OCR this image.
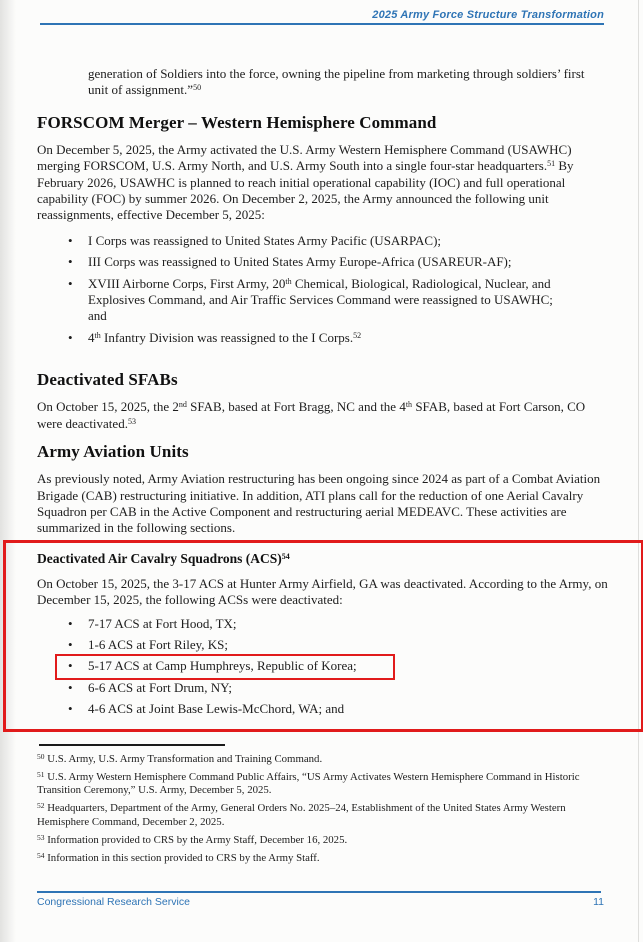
2025 Army Force Structure Transformation
generation of Soldiers into the force, owning the pipeline from marketing through soldiers’ first unit of assignment.”$^{50}$
FORSCOM Merger – Western Hemisphere Command

On December 5, 2025, the Army activated the U.S. Army Western Hemisphere Command (USAWHC) merging FORSCOM, U.S. Army North, and U.S. Army South into a single four-star headquarters.$^{51}$ By February 2026, USAWHC is planned to reach initial operational capability (IOC) and full operational capability (FOC) by summer 2026. On December 2, 2025, the Army announced the following unit reassignments, effective December 5, 2025:

• I Corps was reassigned to United States Army Pacific (USARPAC);
• III Corps was reassigned to United States Army Europe-Africa (USAREUR-AF);
• XVIII Airborne Corps, First Army, 20th Chemical, Biological, Radiological, Nuclear, and Explosives Command, and Air Traffic Services Command were reassigned to USAWHC; and
• 4th Infantry Division was reassigned to the I Corps.$^{52}$
Deactivated SFABs

On October 15, 2025, the 2nd SFAB, based at Fort Bragg, NC and the 4th SFAB, based at Fort Carson, CO were deactivated.$^{53}$

Army Aviation Units

As previously noted, Army Aviation restructuring has been ongoing since 2024 as part of a Combat Aviation Brigade (CAB) restructuring initiative. In addition, ATI plans call for the reduction of one Aerial Cavalry Squadron per CAB in the Active Component and restructuring aerial MEDEAVC. These activities are summarized in the following sections.

Deactivated Air Cavalry Squadrons (ACS)$^{54}$

On October 15, 2025, the 3-17 ACS at Hunter Army Airfield, GA was deactivated. According to the Army, on December 15, 2025, the following ACSs were deactivated:

• 7-17 ACS at Fort Hood, TX;
• 1-6 ACS at Fort Riley, KS;
• 5-17 ACS at Camp Humphreys, Republic of Korea;
• 6-6 ACS at Fort Drum, NY;
• 4-6 ACS at Joint Base Lewis-McChord, WA; and
$^{50}$ U.S. Army, U.S. Army Transformation and Training Command.
$^{51}$ U.S. Army Western Hemisphere Command Public Affairs, “US Army Activates Western Hemisphere Command in Historic Transition Ceremony,” U.S. Army, December 5, 2025.
$^{52}$ Headquarters, Department of the Army, General Orders No. 2025–24, Establishment of the United States Army Western Hemisphere Command, December 2, 2025.
$^{53}$ Information provided to CRS by the Army Staff, December 16, 2025.
$^{54}$ Information in this section provided to CRS by the Army Staff.
Congressional Research Service	11
